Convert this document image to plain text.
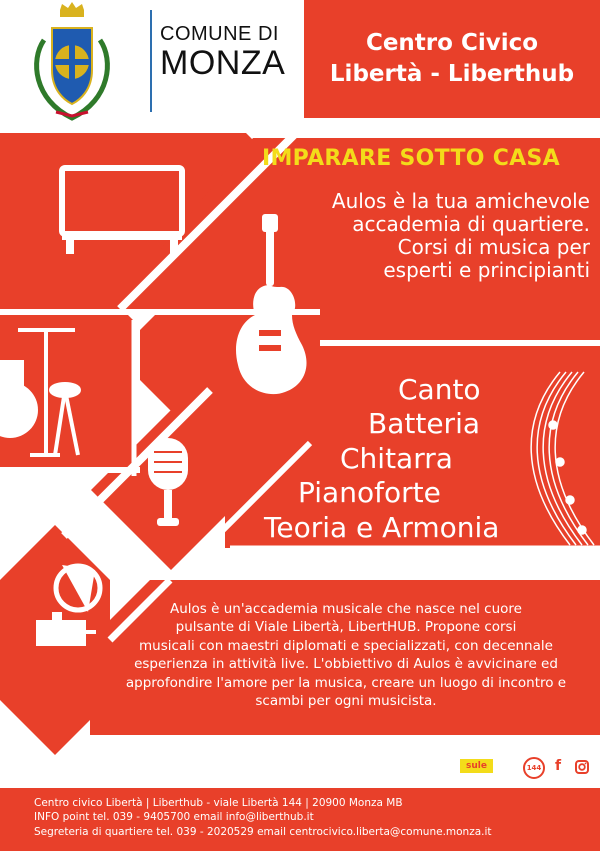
COMUNE DI
MONZA
Centro Civico
Libertà - Liberthub
IMPARARE SOTTO CASA
Aulos è la tua amichevole
accademia di quartiere.
Corsi di musica per
esperti e principianti
Canto
Batteria
Chitarra
Pianoforte
Teoria e Armonia
Aulos è un'accademia musicale che nasce nel cuore
pulsante di Viale Libertà, LibertHUB. Propone corsi
musicali con maestri diplomati e specializzati, con decennale
esperienza in attività live. L'obbiettivo di Aulos è avvicinare ed
approfondire l'amore per la musica, creare un luogo di incontro e
scambi per ogni musicista.
sule	144 f
Centro civico Libertà | Liberthub - viale Libertà 144 | 20900 Monza MB
INFO point tel. 039 - 9405700 email info@liberthub.it
Segreteria di quartiere tel. 039 - 2020529 email centrocivico.liberta@comune.monza.it
